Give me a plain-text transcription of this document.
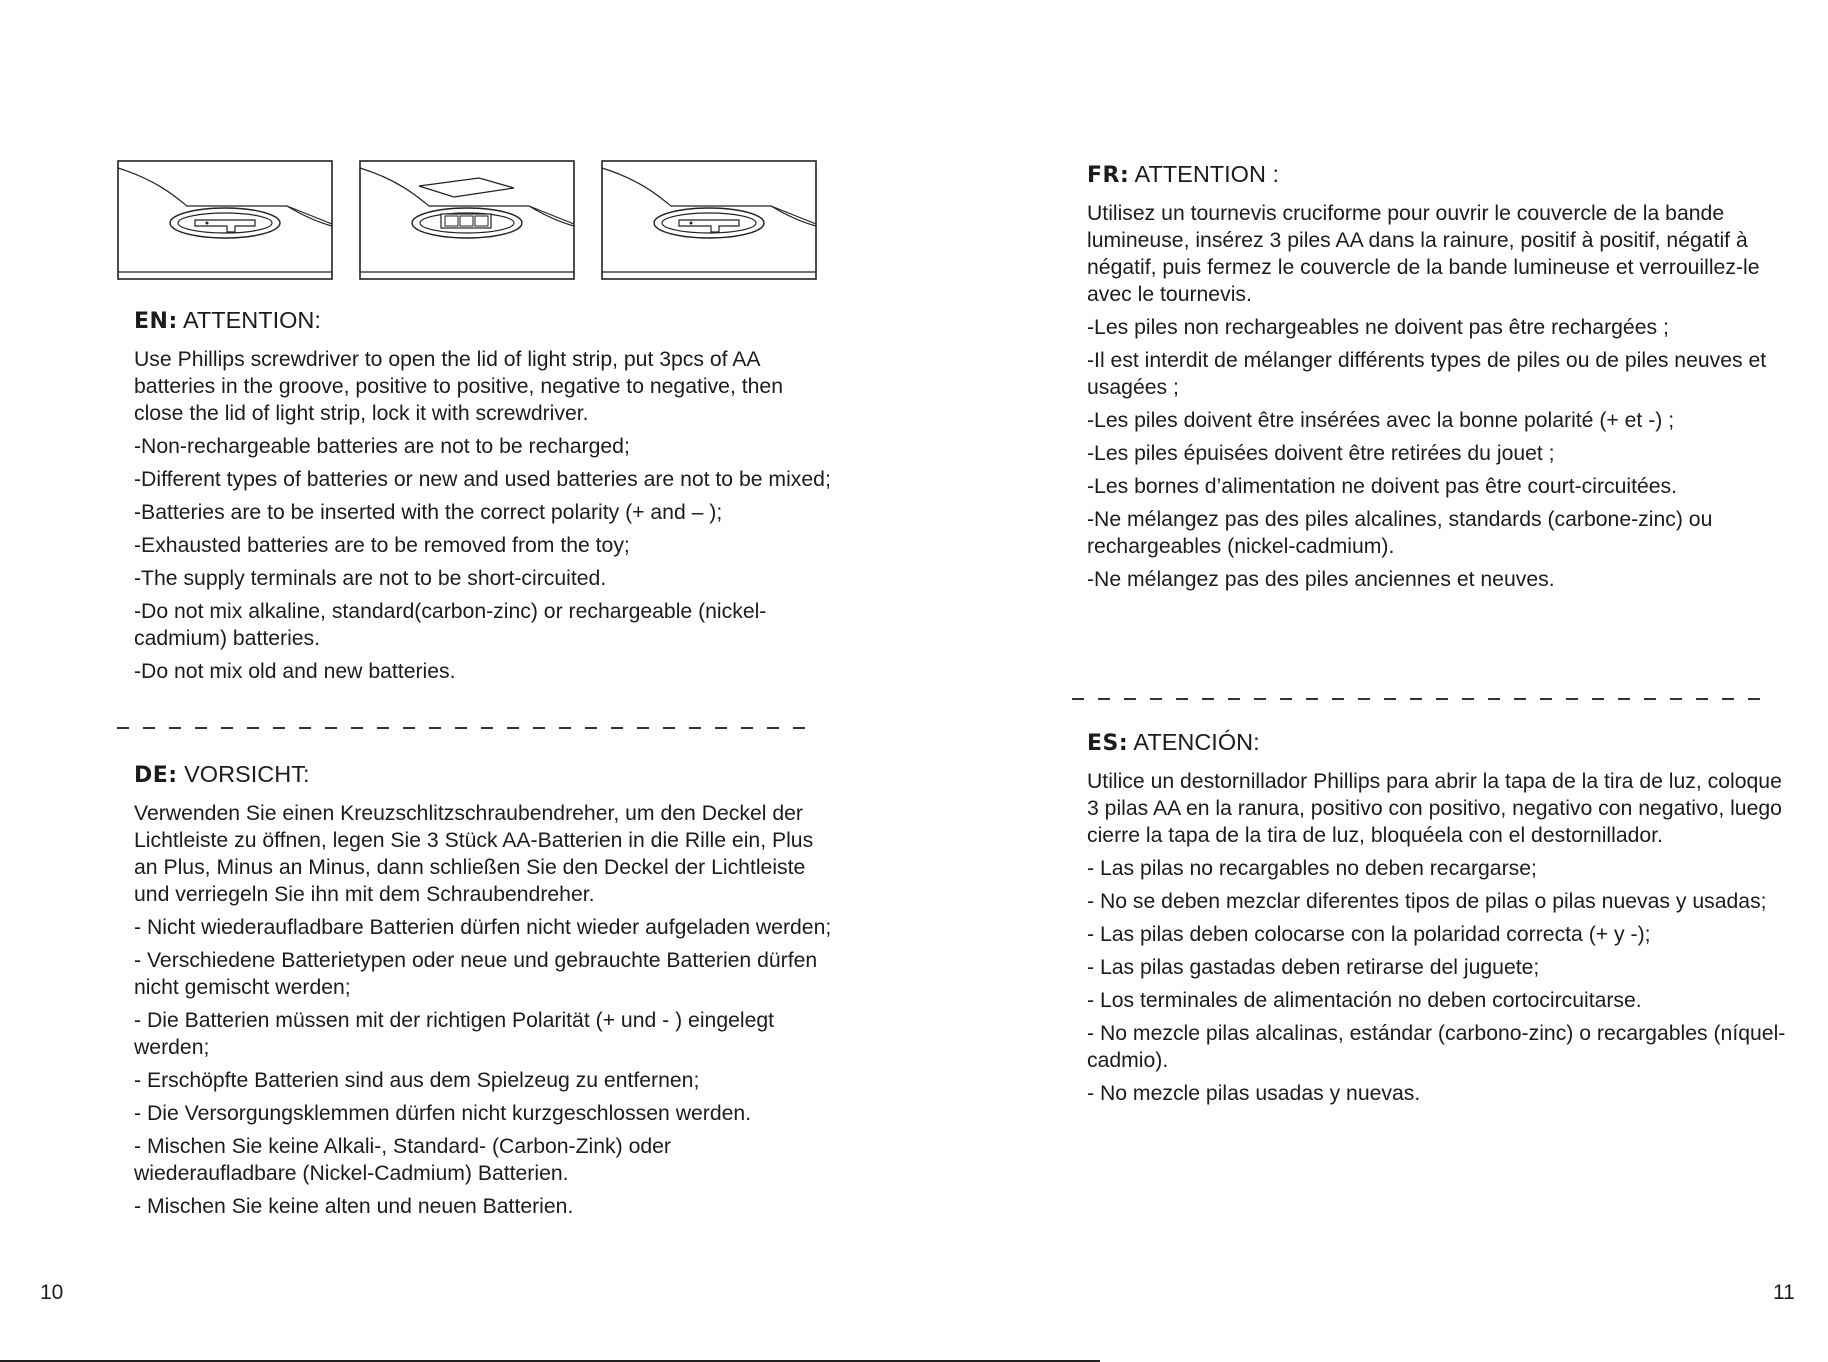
EN: ATTENTION:

Use Phillips screwdriver to open the lid of light strip, put 3pcs of AA batteries in the groove, positive to positive, negative to negative, then close the lid of light strip, lock it with screwdriver.

-Non-rechargeable batteries are not to be recharged;

-Different types of batteries or new and used batteries are not to be mixed;

-Batteries are to be inserted with the correct polarity (+ and – );

-Exhausted batteries are to be removed from the toy;

-The supply terminals are not to be short-circuited.

-Do not mix alkaline, standard(carbon-zinc) or rechargeable (nickel-cadmium) batteries.

-Do not mix old and new batteries.

DE: VORSICHT:

Verwenden Sie einen Kreuzschlitzschraubendreher, um den Deckel der Lichtleiste zu öffnen, legen Sie 3 Stück AA-Batterien in die Rille ein, Plus an Plus, Minus an Minus, dann schließen Sie den Deckel der Lichtleiste und verriegeln Sie ihn mit dem Schraubendreher.

- Nicht wiederaufladbare Batterien dürfen nicht wieder aufgeladen werden;

- Verschiedene Batterietypen oder neue und gebrauchte Batterien dürfen nicht gemischt werden;

- Die Batterien müssen mit der richtigen Polarität (+ und - ) eingelegt werden;

- Erschöpfte Batterien sind aus dem Spielzeug zu entfernen;

- Die Versorgungsklemmen dürfen nicht kurzgeschlossen werden.

- Mischen Sie keine Alkali-, Standard- (Carbon-Zink) oder wiederaufladbare (Nickel-Cadmium) Batterien.

- Mischen Sie keine alten und neuen Batterien.

FR: ATTENTION :

Utilisez un tournevis cruciforme pour ouvrir le couvercle de la bande lumineuse, insérez 3 piles AA dans la rainure, positif à positif, négatif à négatif, puis fermez le couvercle de la bande lumineuse et verrouillez-le avec le tournevis.

-Les piles non rechargeables ne doivent pas être rechargées ;

-Il est interdit de mélanger différents types de piles ou de piles neuves et usagées ;

-Les piles doivent être insérées avec la bonne polarité (+ et -) ;

-Les piles épuisées doivent être retirées du jouet ;

-Les bornes d’alimentation ne doivent pas être court-circuitées.

-Ne mélangez pas des piles alcalines, standards (carbone-zinc) ou rechargeables (nickel-cadmium).

-Ne mélangez pas des piles anciennes et neuves.

ES: ATENCIÓN:

Utilice un destornillador Phillips para abrir la tapa de la tira de luz, coloque 3 pilas AA en la ranura, positivo con positivo, negativo con negativo, luego cierre la tapa de la tira de luz, bloquéela con el destornillador.

- Las pilas no recargables no deben recargarse;

- No se deben mezclar diferentes tipos de pilas o pilas nuevas y usadas;

- Las pilas deben colocarse con la polaridad correcta (+ y -);

- Las pilas gastadas deben retirarse del juguete;

- Los terminales de alimentación no deben cortocircuitarse.

- No mezcle pilas alcalinas, estándar (carbono-zinc) o recargables (níquel-cadmio).

- No mezcle pilas usadas y nuevas.

10	11
